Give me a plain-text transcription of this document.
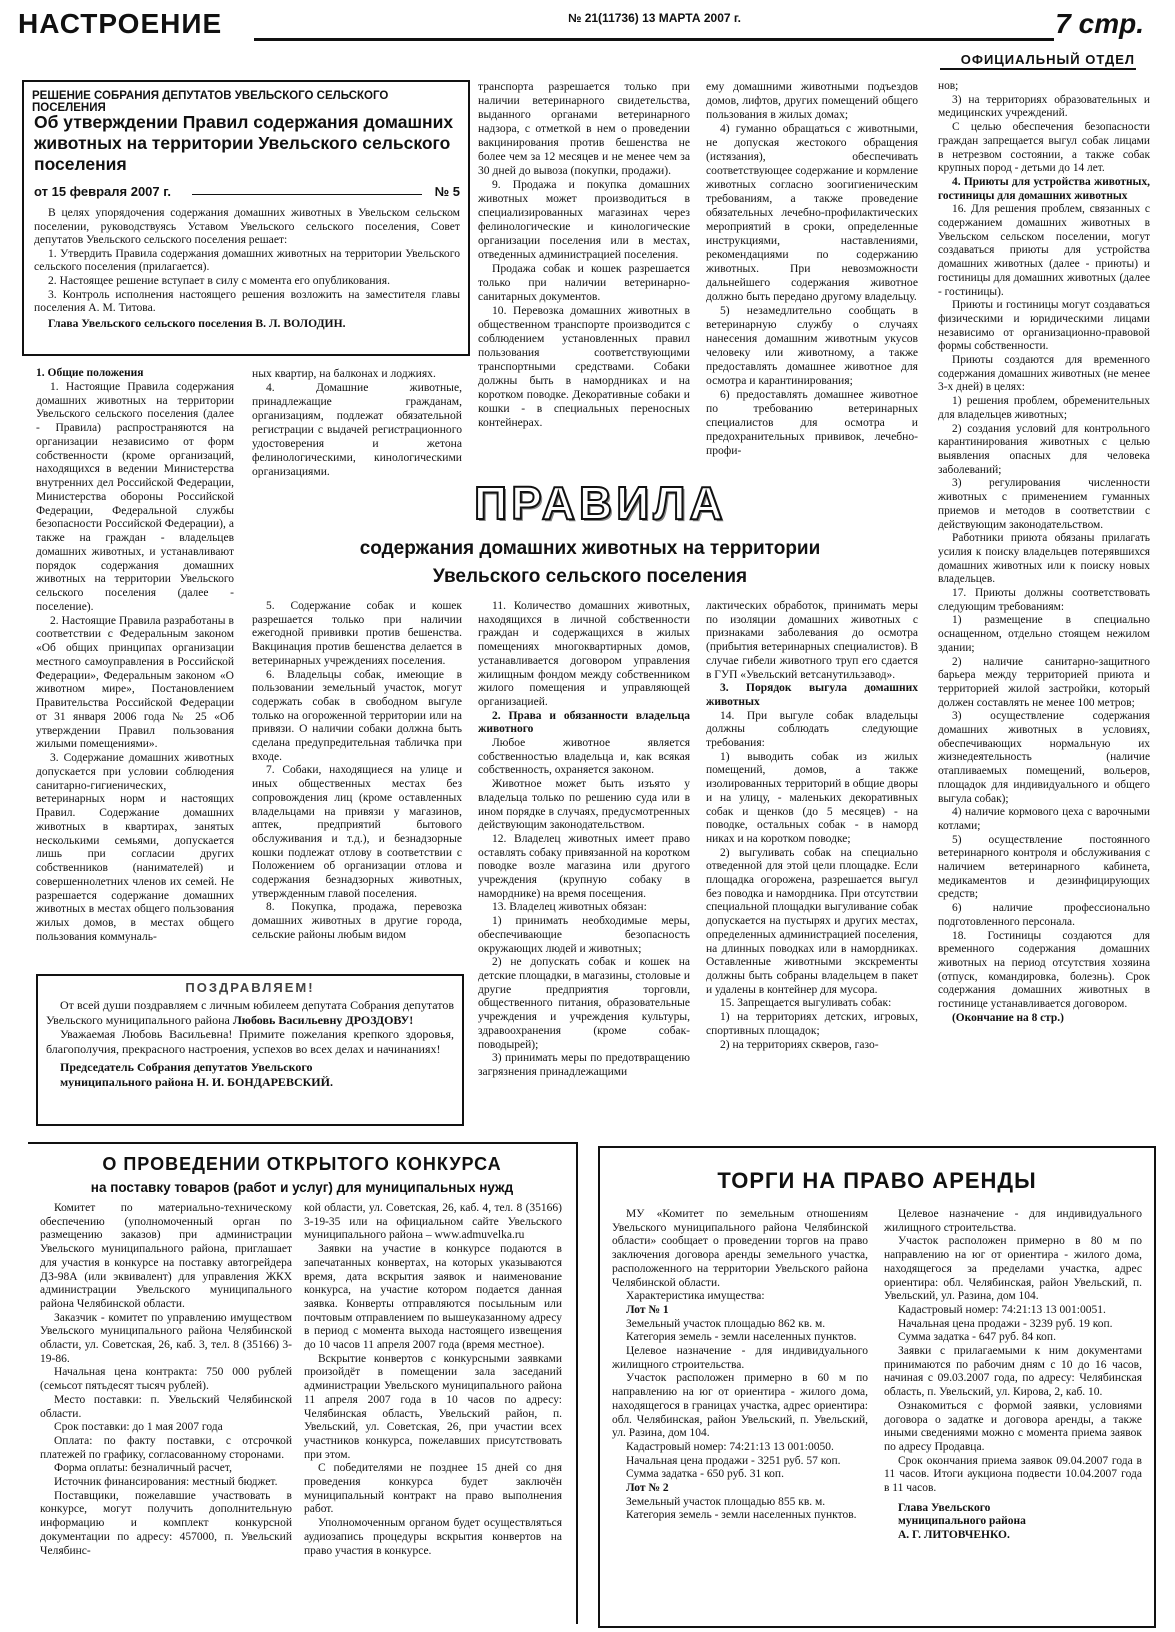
НАСТРОЕНИЕ	№ 21(11736) 13 МАРТА 2007 г.	7 стр.
ОФИЦИАЛЬНЫЙ ОТДЕЛ
РЕШЕНИЕ СОБРАНИЯ ДЕПУТАТОВ УВЕЛЬСКОГО СЕЛЬСКОГО ПОСЕЛЕНИЯ
Об утверждении Правил содержания домашних животных на территории Увельского сельского поселения
от 15 февраля 2007 г.	№ 5

В целях упорядочения содержания домашних животных в Увельском сельском поселении, руководствуясь Уставом Увельского сельского поселения, Совет депутатов Увельского сельского поселения решает:

1. Утвердить Правила содержания домашних животных на территории Увельского сельского поселения (прилагается).

2. Настоящее решение вступает в силу с момента его опубликования.

3. Контроль исполнения настоящего решения возложить на заместителя главы поселения А. М. Титова.

Глава Увельского сельского поселения В. Л. ВОЛОДИН.

транспорта разрешается только при наличии ветеринарного свидетельства, выданного органами ветеринарного надзора, с отметкой в нем о проведении вакцинирования против бешенства не более чем за 12 месяцев и не менее чем за 30 дней до вывоза (покупки, продажи).

9. Продажа и покупка домашних животных может производиться в специализированных магазинах через фелинологические и кинологические организации поселения или в местах, отведенных администрацией поселения.

Продажа собак и кошек разрешается только при наличии ветеринарно-санитарных документов.

10. Перевозка домашних животных в общественном транспорте производится с соблюдением установленных правил пользования соответствующими транспортными средствами. Собаки должны быть в намордниках и на коротком поводке. Декоративные собаки и кошки - в специальных переносных контейнерах.

ему домашними животными подъездов домов, лифтов, других помещений общего пользования в жилых домах;

4) гуманно обращаться с животными, не допуская жестокого обращения (истязания), обеспечивать соответствующее содержание и кормление животных согласно зоогигиеническим требованиям, а также проведение обязательных лечебно-профилактических мероприятий в сроки, определенные инструкциями, наставлениями, рекомендациями по содержанию животных. При невозможности дальнейшего содержания животное должно быть передано другому владельцу.

5) незамедлительно сообщать в ветеринарную службу о случаях нанесения домашним животным укусов человеку или животному, а также предоставлять домашнее животное для осмотра и карантинирования;

6) предоставлять домашнее животное по требованию ветеринарных специалистов для осмотра и предохранительных прививок, лечебно-профи-

нов;

3) на территориях образовательных и медицинских учреждений.

С целью обеспечения безопасности граждан запрещается выгул собак лицами в нетрезвом состоянии, а также собак крупных пород - детьми до 14 лет.

4. Приюты для устройства животных, гостиницы для домашних животных

16. Для решения проблем, связанных с содержанием домашних животных в Увельском сельском поселении, могут создаваться приюты для устройства домашних животных (далее - приюты) и гостиницы для домашних животных (далее - гостиницы).

Приюты и гостиницы могут создаваться физическими и юридическими лицами независимо от организационно-правовой формы собственности.

Приюты создаются для временного содержания домашних животных (не менее 3-х дней) в целях:

1) решения проблем, обременительных для владельцев животных;

2) создания условий для контрольного карантинирования животных с целью выявления опасных для человека заболеваний;

3) регулирования численности животных с применением гуманных приемов и методов в соответствии с действующим законодательством.

Работники приюта обязаны прилагать усилия к поиску владельцев потерявшихся домашних животных или к поиску новых владельцев.

17. Приюты должны соответствовать следующим требованиям:

1) размещение в специально оснащенном, отдельно стоящем нежилом здании;

2) наличие санитарно-защитного барьера между территорией приюта и территорией жилой застройки, который должен составлять не менее 100 метров;

3) осуществление содержания домашних животных в условиях, обеспечивающих нормальную их жизнедеятельность (наличие отапливаемых помещений, вольеров, площадок для индивидуального и общего выгула собак);

4) наличие кормового цеха с варочными котлами;

5) осуществление постоянного ветеринарного контроля и обслуживания с наличием ветеринарного кабинета, медикаментов и дезинфицирующих средств;

6) наличие профессионально подготовленного персонала.

18. Гостиницы создаются для временного содержания домашних животных на период отсутствия хозяина (отпуск, командировка, болезнь). Срок содержания домашних животных в гостинице устанавливается договором.

(Окончание на 8 стр.)

ПРАВИЛА
содержания домашних животных на территории
Увельского сельского поселения

1. Общие положения

1. Настоящие Правила содержания домашних животных на территории Увельского сельского поселения (далее - Правила) распространяются на организации независимо от форм собственности (кроме организаций, находящихся в ведении Министерства внутренних дел Российской Федерации, Министерства обороны Российской Федерации, Федеральной службы безопасности Российской Федерации), а также на граждан - владельцев домашних животных, и устанавливают порядок содержания домашних животных на территории Увельского сельского поселения (далее - поселение).

2. Настоящие Правила разработаны в соответствии с Федеральным законом «Об общих принципах организации местного самоуправления в Российской Федерации», Федеральным законом «О животном мире», Постановлением Правительства Российской Федерации от 31 января 2006 года № 25 «Об утверждении Правил пользования жилыми помещениями».

3. Содержание домашних животных допускается при условии соблюдения санитарно-гигиенических, ветеринарных норм и настоящих Правил. Содержание домашних животных в квартирах, занятых несколькими семьями, допускается лишь при согласии других собственников (нанимателей) и совершеннолетних членов их семей. Не разрешается содержание домашних животных в местах общего пользования жилых домов, в местах общего пользования коммуналь-

ных квартир, на балконах и лоджиях.

4. Домашние животные, принадлежащие гражданам, организациям, подлежат обязательной регистрации с выдачей регистрационного удостоверения и жетона фелинологическими, кинологическими организациями.

5. Содержание собак и кошек разрешается только при наличии ежегодной прививки против бешенства. Вакцинация против бешенства делается в ветеринарных учреждениях поселения.

6. Владельцы собак, имеющие в пользовании земельный участок, могут содержать собак в свободном выгуле только на огороженной территории или на привязи. О наличии собаки должна быть сделана предупредительная табличка при входе.

7. Собаки, находящиеся на улице и иных общественных местах без сопровождения лиц (кроме оставленных владельцами на привязи у магазинов, аптек, предприятий бытового обслуживания и т.д.), и безнадзорные кошки подлежат отлову в соответствии с Положением об организации отлова и содержания безнадзорных животных, утвержденным главой поселения.

8. Покупка, продажа, перевозка домашних животных в другие города, сельские районы любым видом

11. Количество домашних животных, находящихся в личной собственности граждан и содержащихся в жилых помещениях многоквартирных домов, устанавливается договором управления жилищным фондом между собственником жилого помещения и управляющей организацией.

2. Права и обязанности владельца животного

Любое животное является собственностью владельца и, как всякая собственность, охраняется законом.

Животное может быть изъято у владельца только по решению суда или в ином порядке в случаях, предусмотренных действующим законодательством.

12. Владелец животных имеет право оставлять собаку привязанной на коротком поводке возле магазина или другого учреждения (крупную собаку в наморднике) на время посещения.

13. Владелец животных обязан:

1) принимать необходимые меры, обеспечивающие безопасность окружающих людей и животных;

2) не допускать собак и кошек на детские площадки, в магазины, столовые и другие предприятия торговли, общественного питания, образовательные учреждения и учреждения культуры, здравоохранения (кроме собак-поводырей);

3) принимать меры по предотвращению загрязнения принадлежащими

лактических обработок, принимать меры по изоляции домашних животных с признаками заболевания до осмотра (прибытия ветеринарных специалистов). В случае гибели животного труп его сдается в ГУП «Увельский ветсанутильзавод».

3. Порядок выгула домашних животных

14. При выгуле собак владельцы должны соблюдать следующие требования:

1) выводить собак из жилых помещений, домов, а также изолированных территорий в общие дворы и на улицу, - маленьких декоративных собак и щенков (до 5 месяцев) - на поводке, остальных собак - в наморд никах и на коротком поводке;

2) выгуливать собак на специально отведенной для этой цели площадке. Если площадка огорожена, разрешается выгул без поводка и намордника. При отсутствии специальной площадки выгуливание собак допускается на пустырях и других местах, определенных администрацией поселения, на длинных поводках или в намордниках. Оставленные животными экскременты должны быть собраны владельцем в пакет и удалены в контейнер для мусора.

15. Запрещается выгуливать собак:

1) на территориях детских, игровых, спортивных площадок;

2) на территориях скверов, газо-

ПОЗДРАВЛЯЕМ!

От всей души поздравляем с личным юбилеем депутата Собрания депутатов Увельского муниципального района Любовь Васильевну ДРОЗДОВУ!

Уважаемая Любовь Васильевна! Примите пожелания крепкого здоровья, благополучия, прекрасного настроения, успехов во всех делах и начинаниях!

Председатель Собрания депутатов Увельского

муниципального района Н. И. БОНДАРЕВСКИЙ.

О ПРОВЕДЕНИИ ОТКРЫТОГО КОНКУРСА
на поставку товаров (работ и услуг) для муниципальных нужд

Комитет по материально-техническому обеспечению (уполномоченный орган по размещению заказов) при администрации Увельского муниципального района, приглашает для участия в конкурсе на поставку автогрейдера ДЗ-98А (или эквивалент) для управления ЖКХ администрации Увельского муниципального района Челябинской области.

Заказчик - комитет по управлению имуществом Увельского муниципального района Челябинской области, ул. Советская, 26, каб. 3, тел. 8 (35166) 3-19-86.

Начальная цена контракта: 750 000 рублей (семьсот пятьдесят тысяч рублей).

Место поставки: п. Увельский Челябинской области.

Срок поставки: до 1 мая 2007 года

Оплата: по факту поставки, с отсрочкой платежей по графику, согласованному сторонами.

Форма оплаты: безналичный расчет,

Источник финансирования: местный бюджет.

Поставщики, пожелавшие участвовать в конкурсе, могут получить дополнительную информацию и комплект конкурсной документации по адресу: 457000, п. Увельский Челябинс-

кой области, ул. Советская, 26, каб. 4, тел. 8 (35166) 3-19-35 или на официальном сайте Увельского муниципального района – www.admuvelka.ru

Заявки на участие в конкурсе подаются в запечатанных конвертах, на которых указываются время, дата вскрытия заявок и наименование конкурса, на участие котором подается данная заявка. Конверты отправляются посыльным или почтовым отправлением по вышеуказанному адресу в период с момента выхода настоящего извещения до 10 часов 11 апреля 2007 года (время местное).

Вскрытие конвертов с конкурсными заявками произойдёт в помещении зала заседаний администрации Увельского муниципального района 11 апреля 2007 года в 10 часов по адресу: Челябинская область, Увельский район, п. Увельский, ул. Советская, 26, при участии всех участников конкурса, пожелавших присутствовать при этом.

С победителями не позднее 15 дней со дня проведения конкурса будет заключён муниципальный контракт на право выполнения работ.

Уполномоченным органом будет осуществляться аудиозапись процедуры вскрытия конвертов на право участия в конкурсе.

ТОРГИ НА ПРАВО АРЕНДЫ

МУ «Комитет по земельным отношениям Увельского муниципального района Челябинской области» сообщает о проведении торгов на право заключения договора аренды земельного участка, расположенного на территории Увельского района Челябинской области.

Характеристика имущества:

Лот № 1

Земельный участок площадью 862 кв. м.

Категория земель - земли населенных пунктов.

Целевое назначение - для индивидуального жилищного строительства.

Участок расположен примерно в 60 м по направлению на юг от ориентира - жилого дома, находящегося в границах участка, адрес ориентира: обл. Челябинская, район Увельский, п. Увельский, ул. Разина, дом 104.

Кадастровый номер: 74:21:13 13 001:0050.

Начальная цена продажи - 3251 руб. 57 коп.

Сумма задатка - 650 руб. 31 коп.

Лот № 2

Земельный участок площадью 855 кв. м.

Категория земель - земли населенных пунктов.

Целевое назначение - для индивидуального жилищного строительства.

Участок расположен примерно в 80 м по направлению на юг от ориентира - жилого дома, находящегося за пределами участка, адрес ориентира: обл. Челябинская, район Увельский, п. Увельский, ул. Разина, дом 104.

Кадастровый номер: 74:21:13 13 001:0051.

Начальная цена продажи - 3239 руб. 19 коп.

Сумма задатка - 647 руб. 84 коп.

Заявки с прилагаемыми к ним документами принимаются по рабочим дням с 10 до 16 часов, начиная с 09.03.2007 года, по адресу: Челябинская область, п. Увельский, ул. Кирова, 2, каб. 10.

Ознакомиться с формой заявки, условиями договора о задатке и договора аренды, а также иными сведениями можно с момента приема заявок по адресу Продавца.

Срок окончания приема заявок 09.04.2007 года в 11 часов. Итоги аукциона подвести 10.04.2007 года в 11 часов.

Глава Увельского

муниципального района

А. Г. ЛИТОВЧЕНКО.
